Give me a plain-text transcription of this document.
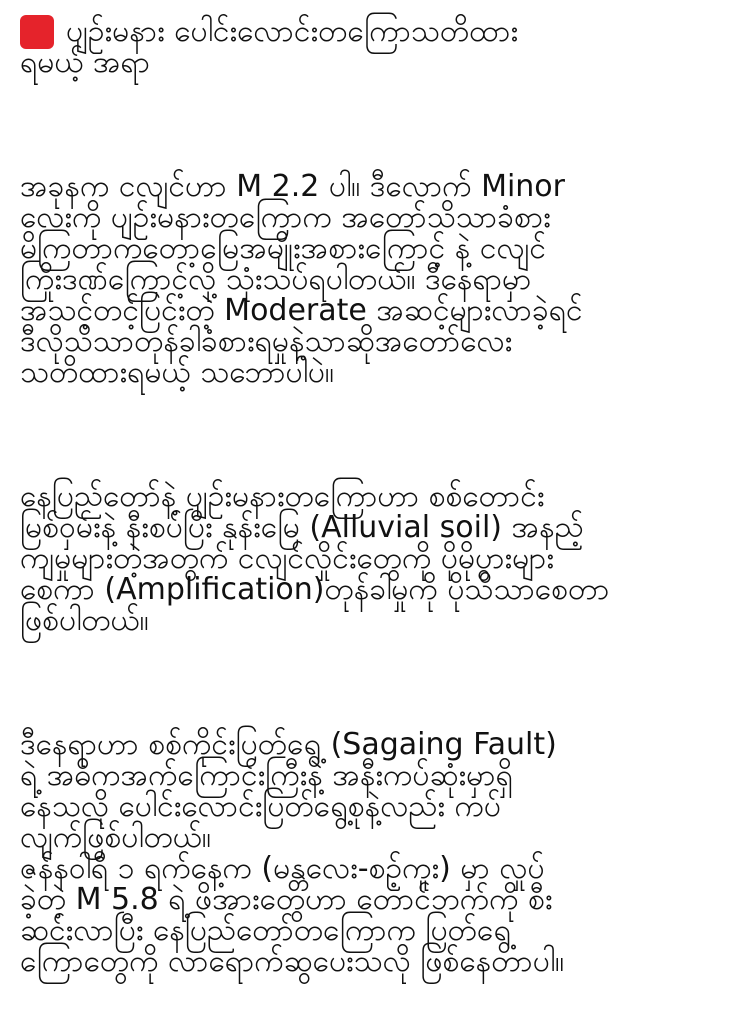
ပျဥ်းမနား ပေါင်းလောင်းတကြောသတိထား
ရမယ့် အရာ
အခုနက ငလျင်ဟာ M 2.2 ပါ။ ဒီလောက် Minor
လေးကို ပျဥ်းမနားတကြောက အတော်သိသာခံစား
မိကြတာကတော့မြေအမျိုးအစားကြောင့် နဲ့ ငလျင်
ကြိုးဒဏ်ကြောင့်လို့ သုံးသပ်ရပါတယ်။ ဒီနေရာမှာ
အသင့်တင့်ပြင်းတဲ့ Moderate အဆင့်များလာခဲ့ရင်
ဒီလိုသိသာတုန်ခါခံစားရမှုနဲ့သာဆိုအတော်လေး
သတိထားရမယ့် သဘောပါပဲ။
နေပြည်တော်နဲ့ ပျဥ်းမနားတကြောဟာ စစ်တောင်း
မြစ်ဝှမ်းနဲ့ နီးစပ်ပြီး နုန်းမြေ (Alluvial soil) အနည့်
ကျမှုများတဲ့အတွက် ငလျင်လှိုင်းတွေကို ပိုမိုပွားများ
စေကာ (Amplification)တုန်ခါမှုကို ပိုသိသာစေတာ
ဖြစ်ပါတယ်။
ဒီနေရာဟာ စစ်ကိုင်းပြတ်ရွေ့ (Sagaing Fault)
ရဲ့ အဓိကအက်ကြောင်းကြီးနဲ့ အနီးကပ်ဆုံးမှာရှိ
နေသလို ပေါင်းလောင်းပြတ်ရွေ့စုနဲ့လည်း ကပ်
လျက်ဖြစ်ပါတယ်။
ဇန်နဝါရီ ၁ ရက်နေ့က (မန္တလေး-စဥ့်ကူး) မှာ လှုပ်
ခဲ့တဲ့ M 5.8 ရဲ့ ဖိအားတွေဟာ တောင်ဘက်ကို စီး
ဆင်းလာပြီး နေပြည်တော်တကြောက ပြတ်ရွေ့
ကြောတွေကို လာရောက်ဆွပေးသလို ဖြစ်နေတာပါ။
